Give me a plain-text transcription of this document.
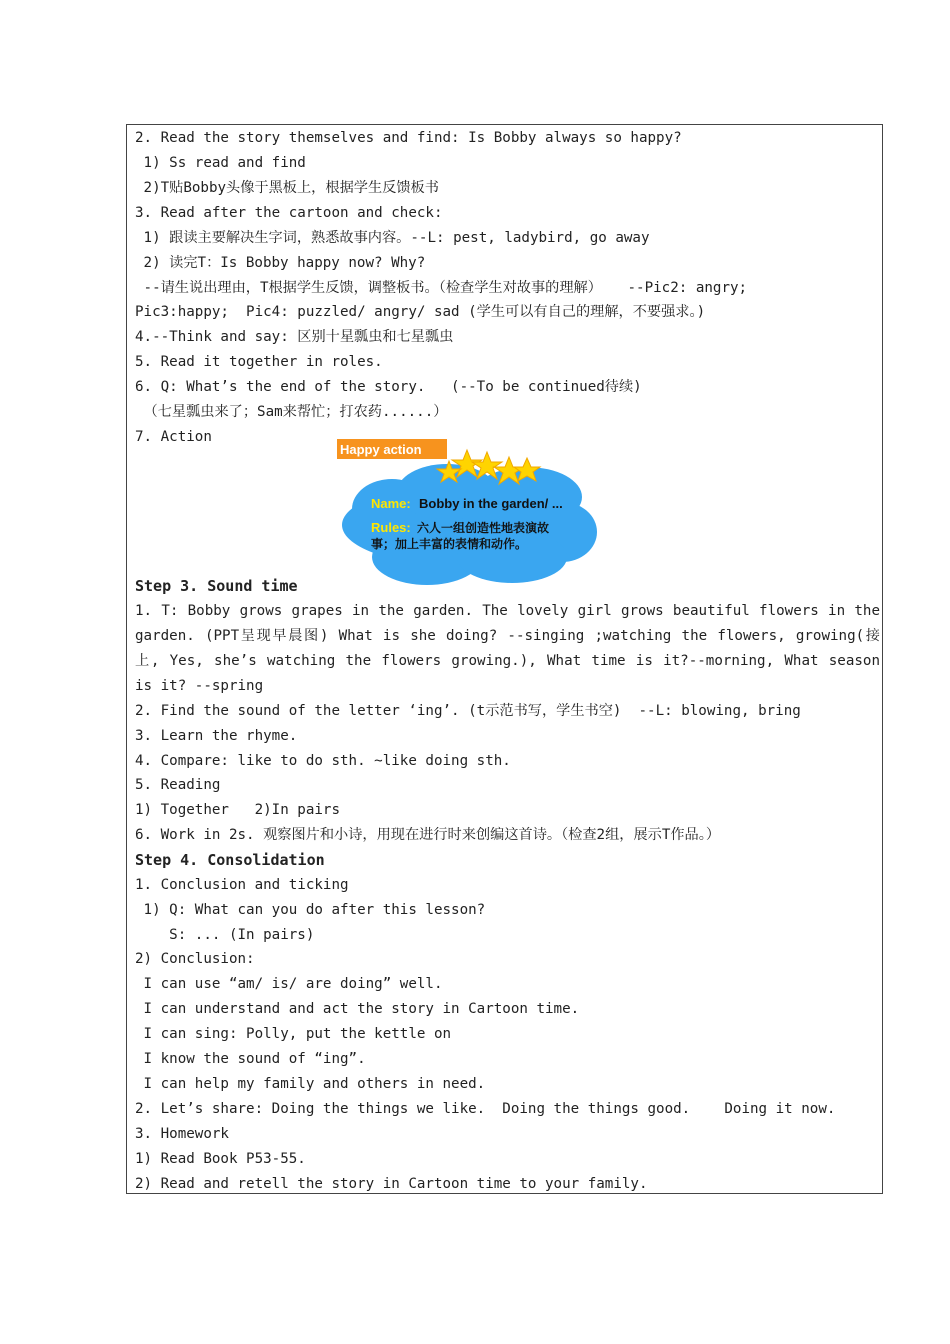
2. Read the story themselves and find: Is Bobby always so happy?
1) Ss read and find
2)T贴Bobby头像于黑板上，根据学生反馈板书
3. Read after the cartoon and check:
1) 跟读主要解决生字词，熟悉故事内容。--L: pest, ladybird, go away
2) 读完T：Is Bobby happy now? Why?
--请生说出理由，T根据学生反馈，调整板书。（检查学生对故事的理解）   --Pic2: angry;
Pic3:happy;  Pic4: puzzled/ angry/ sad (学生可以有自己的理解，不要强求。)
4.--Think and say: 区别十星瓢虫和七星瓢虫
5. Read it together in roles.
6. Q: What’s the end of the story.   (--To be continued待续)
（七星瓢虫来了；Sam来帮忙；打农药......）
7. Action
Happy action
Name: Bobby in the garden/ ...
Rules: 六人一组创造性地表演故
事；加上丰富的表情和动作。
Step 3. Sound time
1. T: Bobby grows grapes in the garden. The lovely girl grows beautiful flowers in the
garden. (PPT呈现早晨图) What is she doing? --singing ;watching the flowers, growing(接
上, Yes, she’s watching the flowers growing.), What time is it?--morning, What season
is it? --spring
2. Find the sound of the letter ‘ing’. (t示范书写，学生书空)  --L: blowing, bring
3. Learn the rhyme.
4. Compare: like to do sth. ~like doing sth.
5. Reading
1) Together   2)In pairs
6. Work in 2s. 观察图片和小诗，用现在进行时来创编这首诗。（检查2组，展示T作品。）
Step 4. Consolidation
1. Conclusion and ticking
1) Q: What can you do after this lesson?
S: ... (In pairs)
2) Conclusion:
I can use “am/ is/ are doing” well.
I can understand and act the story in Cartoon time.
I can sing: Polly, put the kettle on
I know the sound of “ing”.
I can help my family and others in need.
2. Let’s share: Doing the things we like.  Doing the things good.    Doing it now.
3. Homework
1) Read Book P53-55.
2) Read and retell the story in Cartoon time to your family.
